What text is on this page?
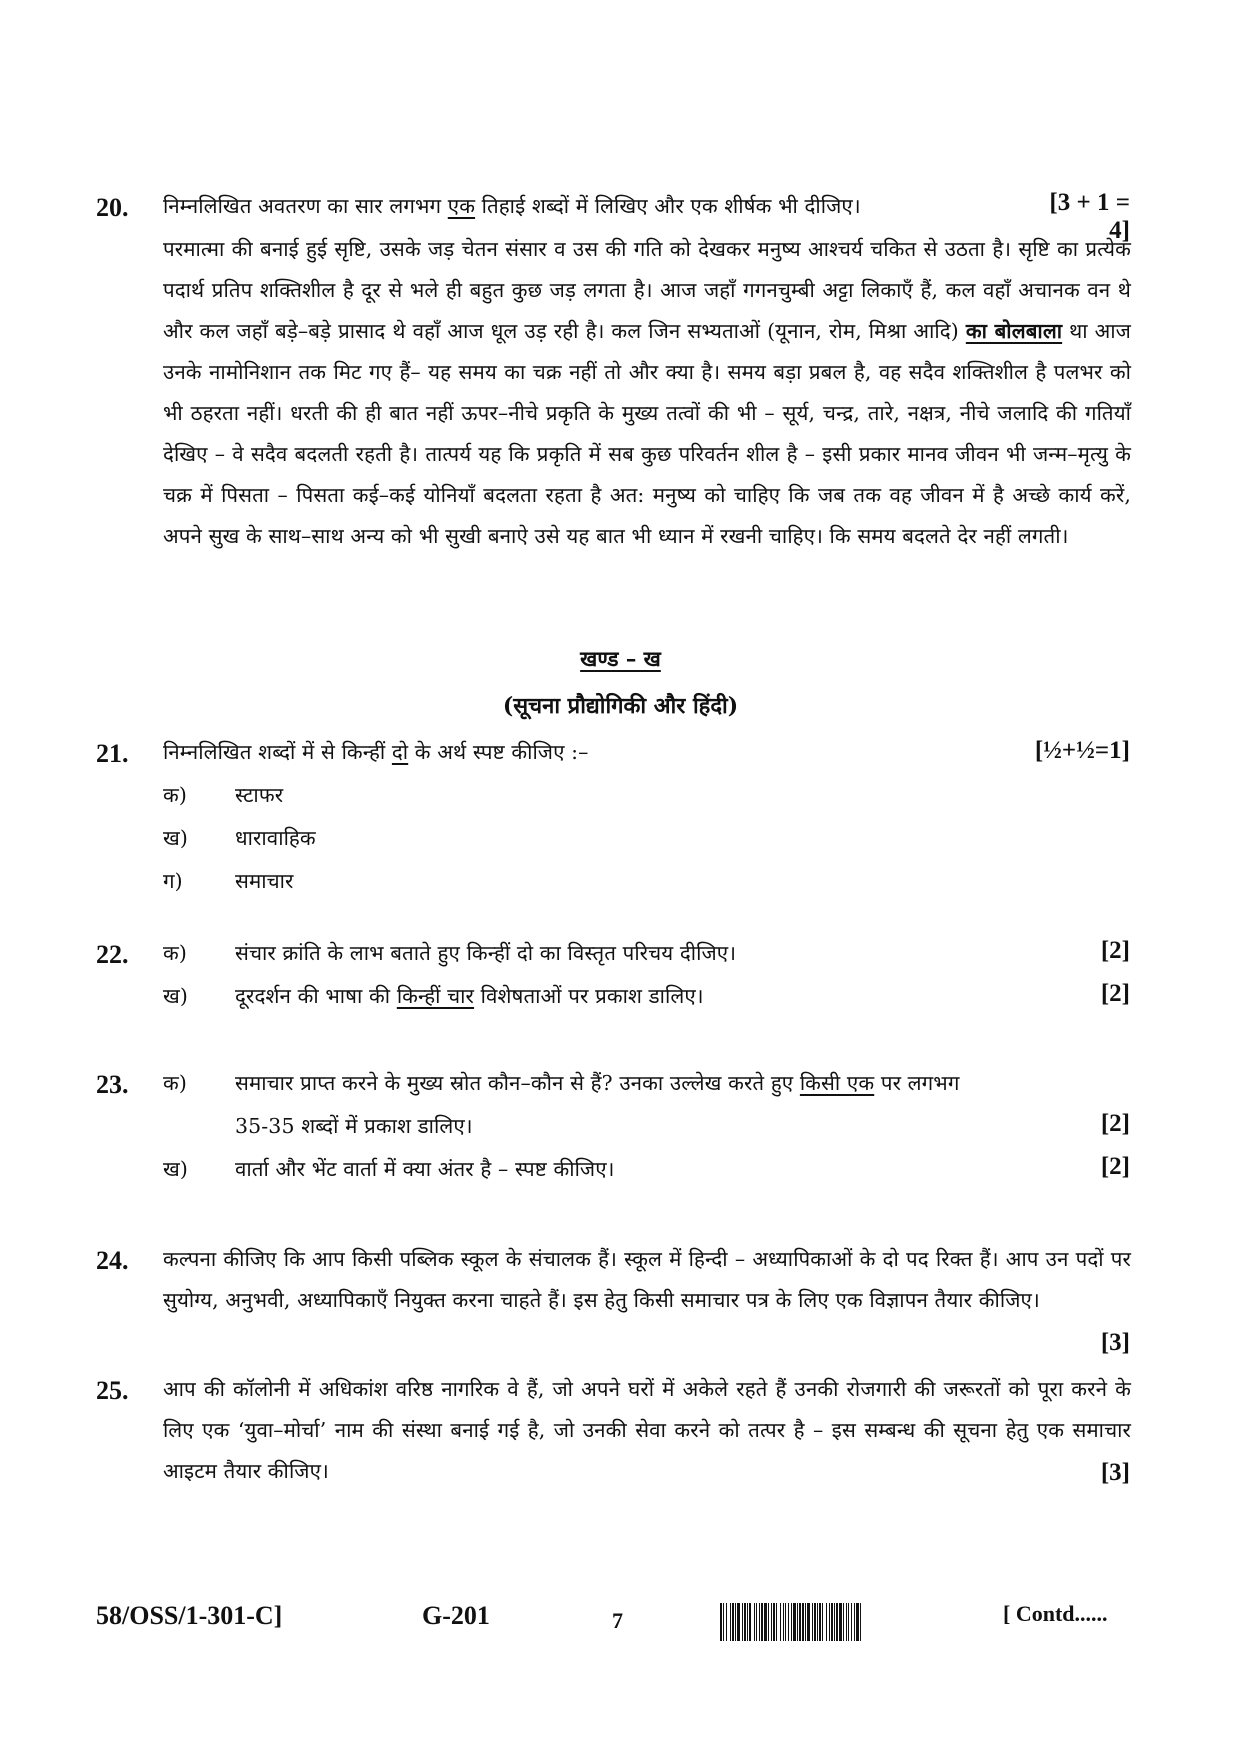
20. निम्नलिखित अवतरण का सार लगभग एक तिहाई शब्दों में लिखिए और एक शीर्षक भी दीजिए।	[3 + 1 = 4]
परमात्मा की बनाई हुई सृष्टि, उसके जड़ चेतन संसार व उस की गति को देखकर मनुष्य आश्चर्य चकित से उठता है। सृष्टि का प्रत्येक पदार्थ प्रतिप शक्तिशील है दूर से भले ही बहुत कुछ जड़ लगता है। आज जहाँ गगनचुम्बी अट्टा लिकाएँ हैं, कल वहाँ अचानक वन थे और कल जहाँ बड़े–बड़े प्रासाद थे वहाँ आज धूल उड़ रही है। कल जिन सभ्यताओं (यूनान, रोम, मिश्रा आदि) का बोलबाला था आज उनके नामोनिशान तक मिट गए हैं– यह समय का चक्र नहीं तो और क्या है। समय बड़ा प्रबल है, वह सदैव शक्तिशील है पलभर को भी ठहरता नहीं। धरती की ही बात नहीं ऊपर–नीचे प्रकृति के मुख्य तत्वों की भी – सूर्य, चन्द्र, तारे, नक्षत्र, नीचे जलादि की गतियाँ देखिए – वे सदैव बदलती रहती है। तात्पर्य यह कि प्रकृति में सब कुछ परिवर्तन शील है – इसी प्रकार मानव जीवन भी जन्म–मृत्यु के चक्र में पिसता – पिसता कई–कई योनियाँ बदलता रहता है अत: मनुष्य को चाहिए कि जब तक वह जीवन में है अच्छे कार्य करें, अपने सुख के साथ–साथ अन्य को भी सुखी बनाऐ उसे यह बात भी ध्यान में रखनी चाहिए। कि समय बदलते देर नहीं लगती।
खण्ड – ख
(सूचना प्रौद्योगिकी और हिंदी)
21. निम्नलिखित शब्दों में से किन्हीं दो के अर्थ स्पष्ट कीजिए :–	[½+½=1]
क) स्टाफर
ख) धारावाहिक
ग)	समाचार
22. क) संचार क्रांति के लाभ बताते हुए किन्हीं दो का विस्तृत परिचय दीजिए।	[2]
ख) दूरदर्शन की भाषा की किन्हीं चार विशेषताओं पर प्रकाश डालिए।	[2]
23. क) समाचार प्राप्त करने के मुख्य स्रोत कौन–कौन से हैं? उनका उल्लेख करते हुए किसी एक पर लगभग
35-35 शब्दों में प्रकाश डालिए।	[2]
ख) वार्ता और भेंट वार्ता में क्या अंतर है – स्पष्ट कीजिए।	[2]
24. कल्पना कीजिए कि आप किसी पब्लिक स्कूल के संचालक हैं। स्कूल में हिन्दी – अध्यापिकाओं के दो पद रिक्त हैं। आप उन पदों पर सुयोग्य, अनुभवी, अध्यापिकाएँ नियुक्त करना चाहते हैं। इस हेतु किसी समाचार पत्र के लिए एक विज्ञापन तैयार कीजिए।
[3]
25. आप की कॉलोनी में अधिकांश वरिष्ठ नागरिक वे हैं, जो अपने घरों में अकेले रहते हैं उनकी रोजगारी की जरूरतों को पूरा करने के लिए एक ‘युवा–मोर्चा’ नाम की संस्था बनाई गई है, जो उनकी सेवा करने को तत्पर है – इस सम्बन्ध की सूचना हेतु एक समाचार आइटम तैयार कीजिए।	[3]
58/OSS/1-301-C]	G-201	7	[ Contd......
